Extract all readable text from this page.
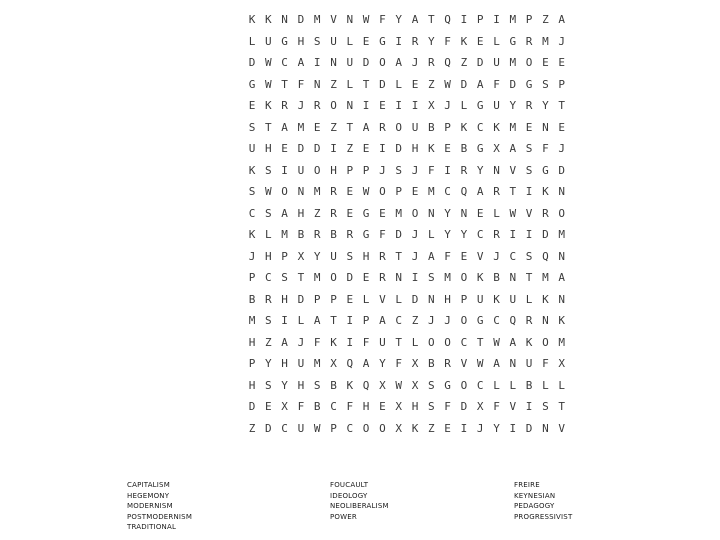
K K N D M V N W F Y A T Q I P I M P Z A
L U G H S U L E G I R Y F K E L G R M J
D W C A I N U D O A J R Q Z D U M O E E
G W T F N Z L T D L E Z W D A F D G S P
E K R J R O N I E I I X J L G U Y R Y T
S T A M E Z T A R O U B P K C K M E N E
U H E D D I Z E I D H K E B G X A S F J
K S I U O H P P J S J F I R Y N V S G D
S W O N M R E W O P E M C Q A R T I K N
C S A H Z R E G E M O N Y N E L W V R O
K L M B R B R G F D J L Y Y C R I I D M
J H P X Y U S H R T J A F E V J C S Q N
P C S T M O D E R N I S M O K B N T M A
B R H D P P E L V L D N H P U K U L K N
M S I L A T I P A C Z J J O G C Q R N K
H Z A J F K I F U T L O O C T W A K O M
P Y H U M X Q A Y F X B R V W A N U F X
H S Y H S B K Q X W X S G O C L L B L L
D E X F B C F H E X H S F D X F V I S T
Z D C U W P C O O X K Z E I J Y I D N V
CAPITALISM
HEGEMONY
MODERNISM
POSTMODERNISM
TRADITIONAL
FOUCAULT
IDEOLOGY
NEOLIBERALISM
POWER
FREIRE
KEYNESIAN
PEDAGOGY
PROGRESSIVIST
